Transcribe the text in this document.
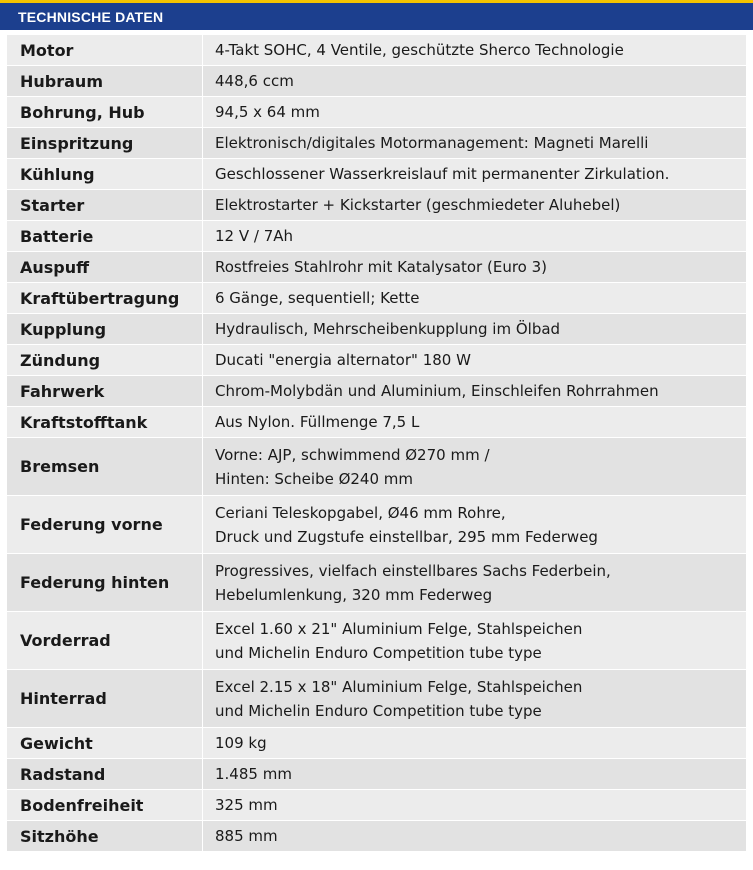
TECHNISCHE DATEN
Motor	4-Takt SOHC, 4 Ventile, geschützte Sherco Technologie

Hubraum	448,6 ccm

Bohrung, Hub	94,5 x 64 mm

Einspritzung	Elektronisch/digitales Motormanagement: Magneti Marelli

Kühlung	Geschlossener Wasserkreislauf mit permanenter Zirkulation.

Starter	Elektrostarter + Kickstarter (geschmiedeter Aluhebel)

Batterie	12 V / 7Ah

Auspuff	Rostfreies Stahlrohr mit Katalysator (Euro 3)

Kraftübertragung	6 Gänge, sequentiell; Kette

Kupplung	Hydraulisch, Mehrscheibenkupplung im Ölbad

Zündung	Ducati "energia alternator" 180 W

Fahrwerk	Chrom-Molybdän und Aluminium, Einschleifen Rohrrahmen

Kraftstofftank	Aus Nylon. Füllmenge 7,5 L

Bremsen	Vorne: AJP, schwimmend Ø270 mm /
Hinten: Scheibe Ø240 mm

Federung vorne	Ceriani Teleskopgabel, Ø46 mm Rohre,
Druck und Zugstufe einstellbar, 295 mm Federweg

Federung hinten	Progressives, vielfach einstellbares Sachs Federbein,
Hebelumlenkung, 320 mm Federweg

Vorderrad	Excel 1.60 x 21" Aluminium Felge, Stahlspeichen
und Michelin Enduro Competition tube type

Hinterrad	Excel 2.15 x 18" Aluminium Felge, Stahlspeichen
und Michelin Enduro Competition tube type

Gewicht	109 kg

Radstand	1.485 mm

Bodenfreiheit	325 mm

Sitzhöhe	885 mm
